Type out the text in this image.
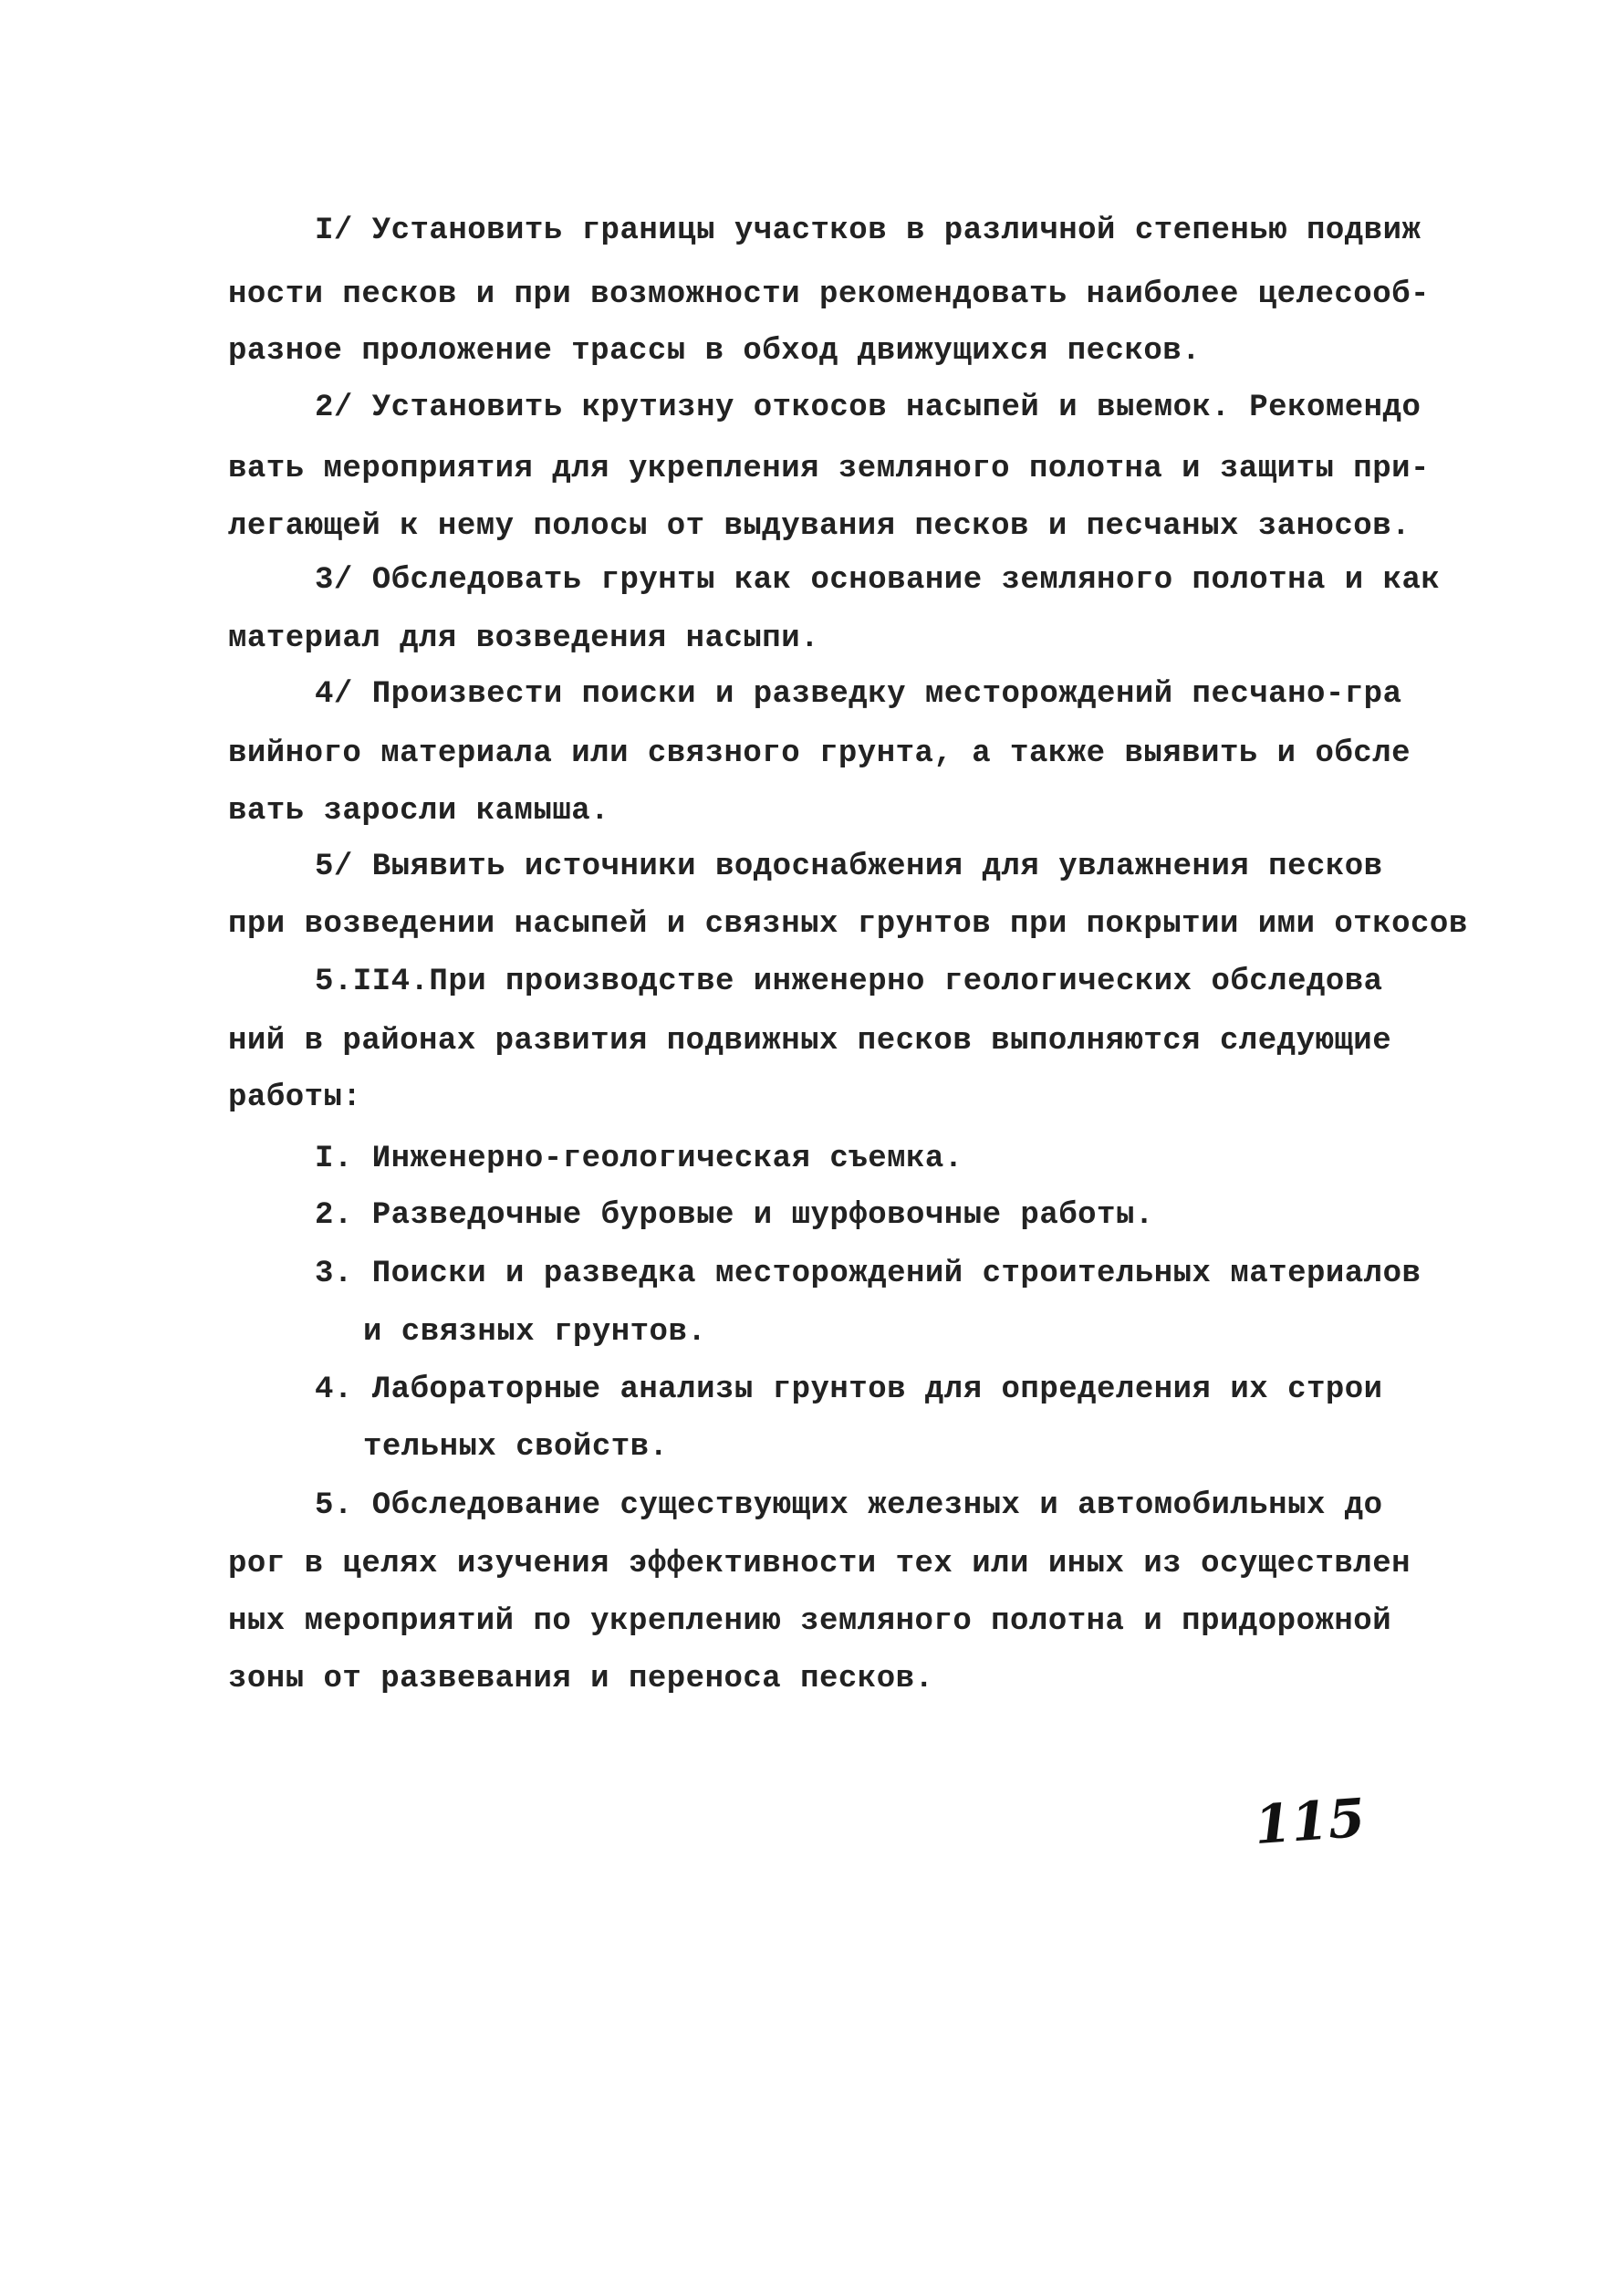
I/ Установить границы участков в различной степенью подвиж
ности песков и при возможности рекомендовать наиболее целесооб-
разное проложение трассы в обход движущихся песков.
2/ Установить крутизну откосов насыпей и выемок. Рекомендо
вать мероприятия для укрепления земляного полотна и защиты при-
легающей к нему полосы от выдувания песков и песчаных заносов.
3/ Обследовать грунты как основание земляного полотна и как
материал для возведения насыпи.
4/ Произвести поиски и разведку месторождений песчано-гра
вийного материала или связного грунта, а также выявить и обсле
вать заросли камыша.
5/ Выявить источники водоснабжения для увлажнения песков
при возведении насыпей и связных грунтов при покрытии ими откосов
5.II4.При производстве инженерно геологических обследова
ний в районах развития подвижных песков выполняются следующие
работы:
I. Инженерно-геологическая съемка.
2. Разведочные буровые и шурфовочные работы.
3. Поиски и разведка месторождений строительных материалов
и связных грунтов.
4. Лабораторные анализы грунтов для определения их строи
тельных свойств.
5. Обследование существующих железных и автомобильных до
рог в целях изучения эффективности тех или иных из осуществлен
ных мероприятий по укреплению земляного полотна и придорожной
зоны от развевания и переноса песков.
115
